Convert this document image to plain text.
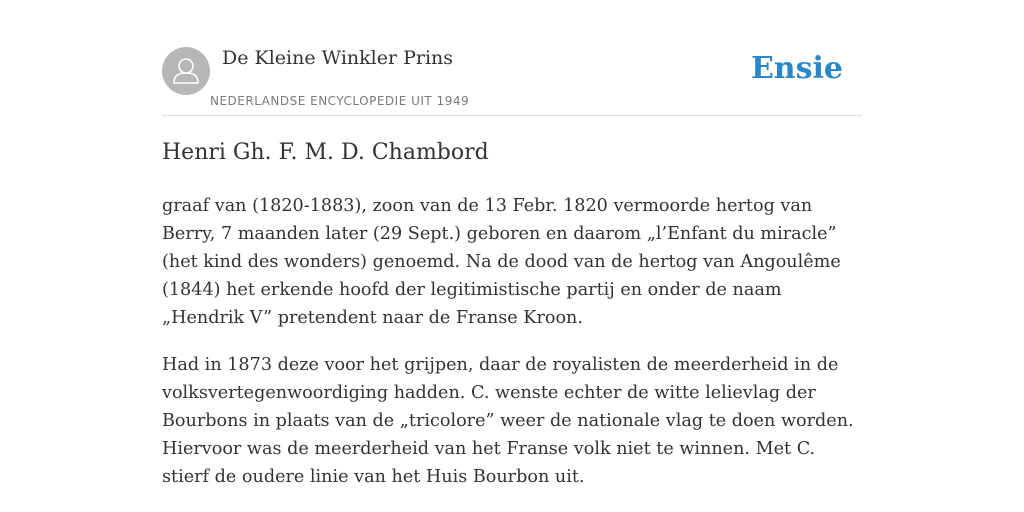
De Kleine Winkler Prins
NEDERLANDSE ENCYCLOPEDIE UIT 1949
Ensie
Henri Gh. F. M. D. Chambord

graaf van (1820-1883), zoon van de 13 Febr. 1820 vermoorde hertog van Berry, 7 maanden later (29 Sept.) geboren en daarom „l’Enfant du miracle” (het kind des wonders) genoemd. Na de dood van de hertog van Angoulême (1844) het erkende hoofd der legitimistische partij en onder de naam „Hendrik V” pretendent naar de Franse Kroon.

Had in 1873 deze voor het grijpen, daar de royalisten de meerderheid in de volksvertegenwoordiging hadden. C. wenste echter de witte lelievlag der Bourbons in plaats van de „tricolore” weer de nationale vlag te doen worden. Hiervoor was de meerderheid van het Franse volk niet te winnen. Met C. stierf de oudere linie van het Huis Bourbon uit.
